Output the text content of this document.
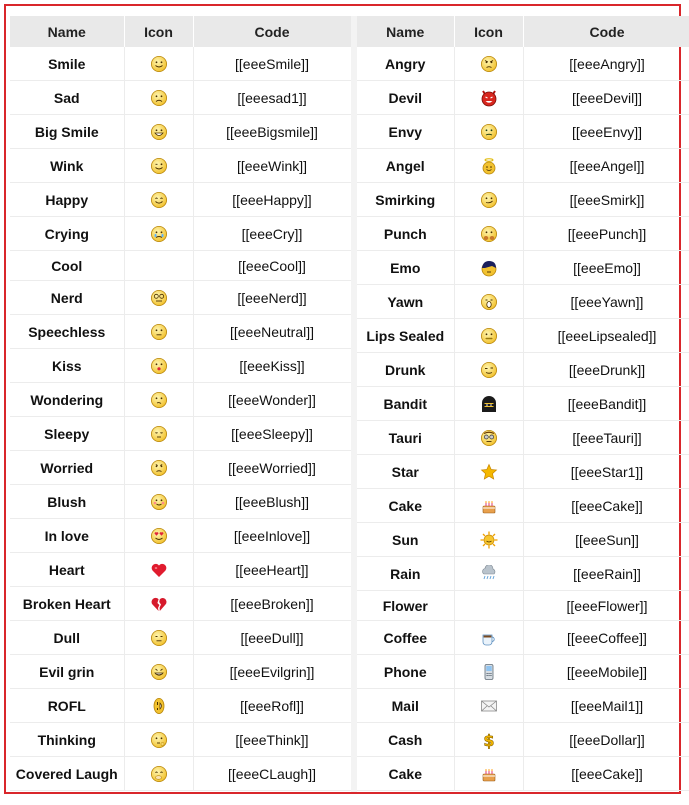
Name	Icon	Code
Smile		[[eeeSmile]]
Sad		[[eeesad1]]
Big Smile		[[eeeBigsmile]]
Wink		[[eeeWink]]
Happy		[[eeeHappy]]
Crying		[[eeeCry]]
Cool		[[eeeCool]]
Nerd		[[eeeNerd]]
Speechless		[[eeeNeutral]]
Kiss		[[eeeKiss]]
Wondering		[[eeeWonder]]
Sleepy		[[eeeSleepy]]
Worried		[[eeeWorried]]
Blush		[[eeeBlush]]
In love		[[eeeInlove]]
Heart		[[eeeHeart]]
Broken Heart		[[eeeBroken]]
Dull		[[eeeDull]]
Evil grin		[[eeeEvilgrin]]
ROFL		[[eeeRofl]]
Thinking		[[eeeThink]]
Covered Laugh		[[eeeCLaugh]]
Name	Icon	Code
Angry		[[eeeAngry]]
Devil		[[eeeDevil]]
Envy		[[eeeEnvy]]
Angel		[[eeeAngel]]
Smirking		[[eeeSmirk]]
Punch		[[eeePunch]]
Emo		[[eeeEmo]]
Yawn		[[eeeYawn]]
Lips Sealed		[[eeeLipsealed]]
Drunk		[[eeeDrunk]]
Bandit		[[eeeBandit]]
Tauri		[[eeeTauri]]
Star		[[eeeStar1]]
Cake		[[eeeCake]]
Sun		[[eeeSun]]
Rain		[[eeeRain]]
Flower		[[eeeFlower]]
Coffee		[[eeeCoffee]]
Phone		[[eeeMobile]]
Mail		[[eeeMail1]]
Cash	$	[[eeeDollar]]
Cake		[[eeeCake]]
